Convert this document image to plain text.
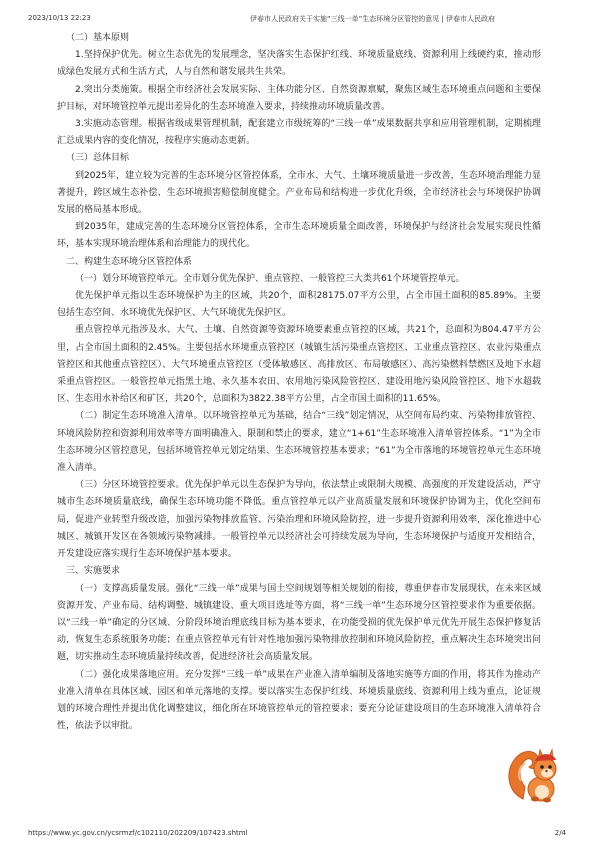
2023/10/13 22:23	伊春市人民政府关于实施“三线一单”生态环境分区管控的意见 | 伊春市人民政府

（二）基本原则

1.坚持保护优先。树立生态优先的发展理念，坚决落实生态保护红线、环境质量底线、资源利用上线硬约束，推动形成绿色发展方式和生活方式，人与自然和谐发展共生共荣。

2.突出分类施策。根据全市经济社会发展实际、主体功能分区、自然资源禀赋，聚焦区域生态环境重点问题和主要保护目标，对环境管控单元提出差异化的生态环境准入要求，持续推动环境质量改善。

3.实施动态管理。根据省级成果管理机制，配套建立市级统筹的“三线一单”成果数据共享和应用管理机制，定期梳理汇总成果内容的变化情况，按程序实施动态更新。

（三）总体目标

到2025年，建立较为完善的生态环境分区管控体系，全市水、大气、土壤环境质量进一步改善，生态环境治理能力显著提升，跨区域生态补偿、生态环境损害赔偿制度健全。产业布局和结构进一步优化升级，全市经济社会与环境保护协调发展的格局基本形成。

到2035年，建成完善的生态环境分区管控体系，全市生态环境质量全面改善，环境保护与经济社会发展实现良性循环，基本实现环境治理体系和治理能力的现代化。

二、构建生态环境分区管控体系

（一）划分环境管控单元。全市划分优先保护、重点管控、一般管控三大类共61个环境管控单元。

优先保护单元指以生态环境保护为主的区域，共20个，面积28175.07平方公里，占全市国土面积的85.89%。主要包括生态空间、水环境优先保护区、大气环境优先保护区。

重点管控单元指涉及水、大气、土壤、自然资源等资源环境要素重点管控的区域，共21个，总面积为804.47平方公里，占全市国土面积的2.45%。主要包括水环境重点管控区（城镇生活污染重点管控区、工业重点管控区、农业污染重点管控区和其他重点管控区）、大气环境重点管控区（受体敏感区、高排放区、布局敏感区）、高污染燃料禁燃区及地下水超采重点管控区。一般管控单元指黑土地、永久基本农田、农用地污染风险管控区、建设用地污染风险管控区、地下水超载区、生态用水补给区和矿区，共20个，总面积为3822.38平方公里，占全市国土面积的11.65%。

（二）制定生态环境准入清单。以环境管控单元为基础，结合“三线”划定情况，从空间布局约束、污染物排放管控、环境风险防控和资源利用效率等方面明确准入、限制和禁止的要求，建立“1+61”生态环境准入清单管控体系。“1”为全市生态环境分区管控意见，包括环境管控单元划定结果、生态环境管控基本要求；“61”为全市落地的环境管控单元生态环境准入清单。

（三）分区环境管控要求。优先保护单元以生态保护为导向，依法禁止或限制大规模、高强度的开发建设活动，严守城市生态环境质量底线，确保生态环境功能不降低。重点管控单元以产业高质量发展和环境保护协调为主，优化空间布局，促进产业转型升级改造，加强污染物排放监管、污染治理和环境风险防控，进一步提升资源利用效率，深化推进中心城区、城镇开发区在各领域污染物减排。一般管控单元以经济社会可持续发展为导向，生态环境保护与适度开发相结合，开发建设应落实现行生态环境保护基本要求。

三、实施要求

（一）支撑高质量发展。强化“三线一单”成果与国土空间规划等相关规划的衔接，尊重伊春市发展现状，在未来区域资源开发、产业布局、结构调整、城镇建设、重大项目选址等方面，将“三线一单”生态环境分区管控要求作为重要依据。以“三线一单”确定的分区域、分阶段环境治理底线目标为基本要求，在功能受损的优先保护单元优先开展生态保护修复活动，恢复生态系统服务功能；在重点管控单元有针对性地加强污染物排放控制和环境风险防控，重点解决生态环境突出问题，切实推动生态环境质量持续改善，促进经济社会高质量发展。

（二）强化成果落地应用。充分发挥“三线一单”成果在产业准入清单编制及落地实施等方面的作用，将其作为推动产业准入清单在具体区域、园区和单元落地的支撑。要以落实生态保护红线、环境质量底线、资源利用上线为重点，论证规划的环境合理性并提出优化调整建议，细化所在环境管控单元的管控要求；要充分论证建设项目的生态环境准入清单符合性，依法予以审批。

https://www.yc.gov.cn/ycsrmzf/c102110/202209/107423.shtml	2/4
